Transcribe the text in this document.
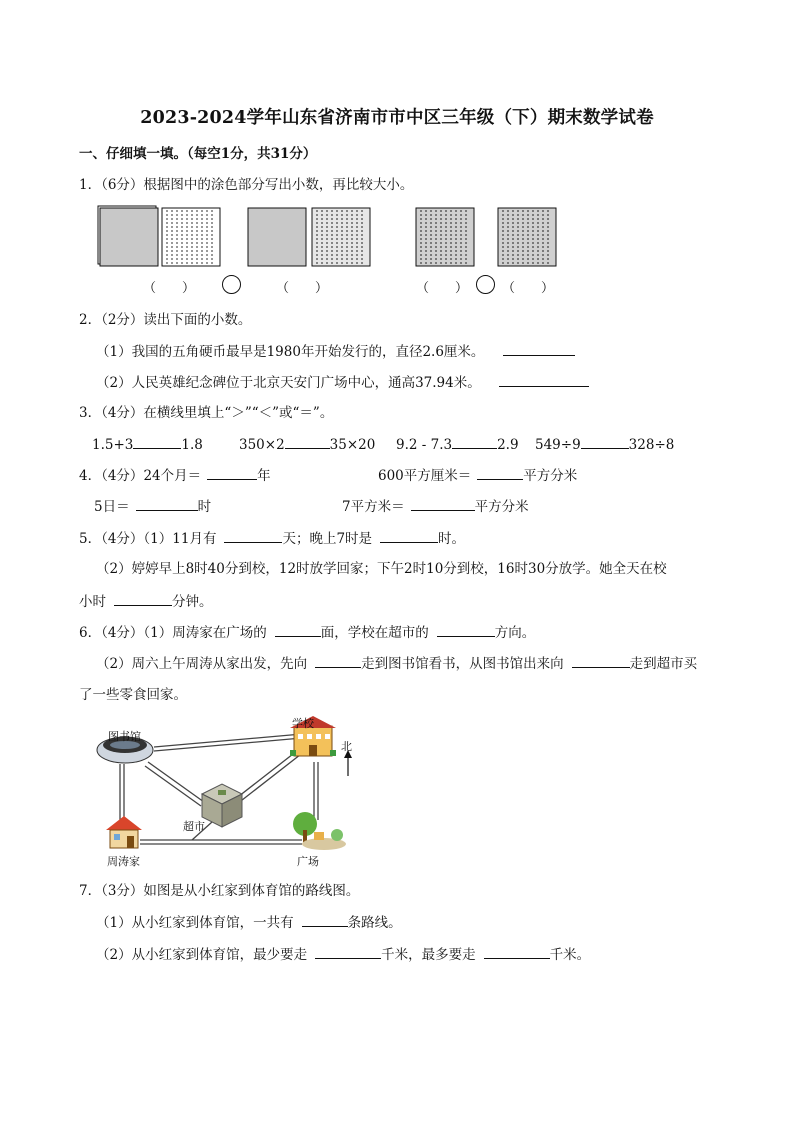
2023-2024学年山东省济南市市中区三年级（下）期末数学试卷
一、仔细填一填。（每空1分，共31分）
1．（6分）根据图中的涂色部分写出小数，再比较大小。
（　　）	（　　）	（　　）	（　　）
2．（2分）读出下面的小数。
（1）我国的五角硬币最早是1980年开始发行的，直径2.6厘米。
（2）人民英雄纪念碑位于北京天安门广场中心，通高37.94米。
3．（4分）在横线里填上“＞”“＜”或“＝”。
1.5+3	1.8	350×2	35×20 9.2 - 7.3	2.9 549÷9	328÷8
4．（4分）24个月＝	年	600平方厘米＝	平方分米
5日＝	时	7平方米＝	平方分米
5．（4分）（1）11月有	天；晚上7时是	时。
（2）婷婷早上8时40分到校，12时放学回家；下午2时10分到校，16时30分放学。她全天在校
小时	分钟。
6．（4分）（1）周涛家在广场的	面，学校在超市的	方向。
（2）周六上午周涛从家出发，先向	走到图书馆看书，从图书馆出来向	走到超市买
了一些零食回家。
图书馆
学校
北
超市
周涛家	广场
7．（3分）如图是从小红家到体育馆的路线图。
（1）从小红家到体育馆，一共有	条路线。
（2）从小红家到体育馆，最少要走	千米，最多要走	千米。
